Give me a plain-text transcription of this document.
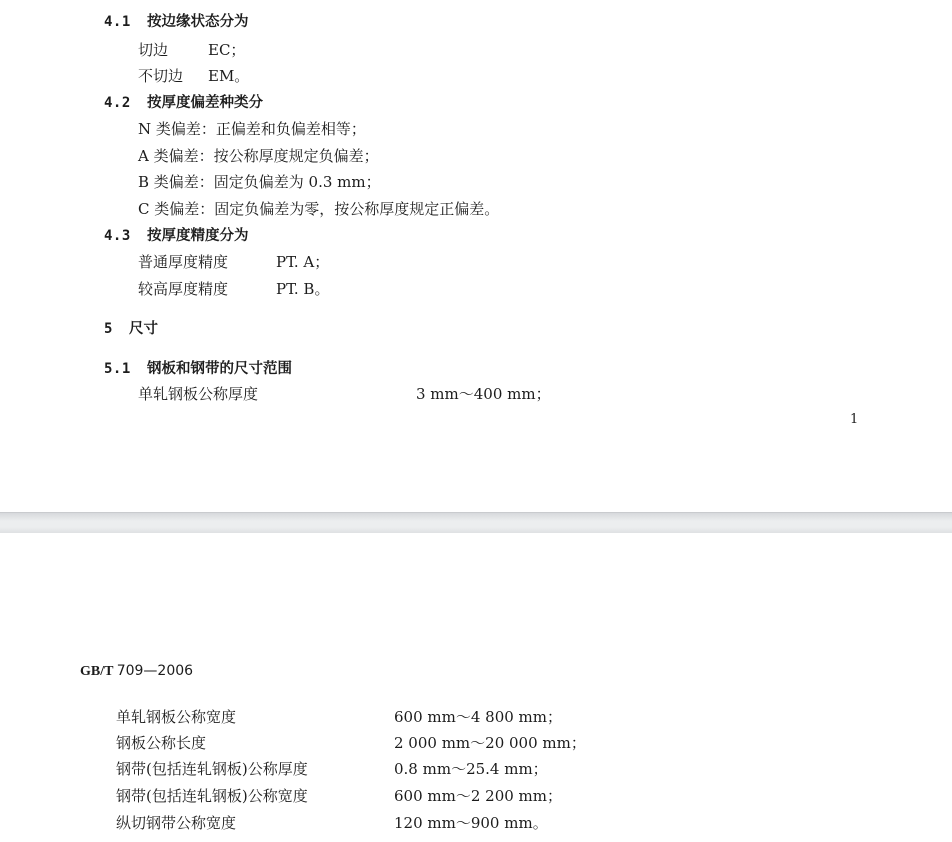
4.1 按边缘状态分为
切边	EC；
不切边 EM。
4.2 按厚度偏差种类分
N 类偏差：正偏差和负偏差相等；
A 类偏差：按公称厚度规定负偏差；
B 类偏差：固定负偏差为 0.3 mm；
C 类偏差：固定负偏差为零，按公称厚度规定正偏差。
4.3 按厚度精度分为
普通厚度精度	PT. A；
较高厚度精度	PT. B。
5 尺寸
5.1 钢板和钢带的尺寸范围
单轧钢板公称厚度	3 mm～400 mm；
1
GB/T 709—2006
单轧钢板公称宽度	600 mm～4 800 mm；
钢板公称长度	2 000 mm～20 000 mm；
钢带(包括连轧钢板)公称厚度	0.8 mm～25.4 mm；
钢带(包括连轧钢板)公称宽度	600 mm～2 200 mm；
纵切钢带公称宽度	120 mm～900 mm。
